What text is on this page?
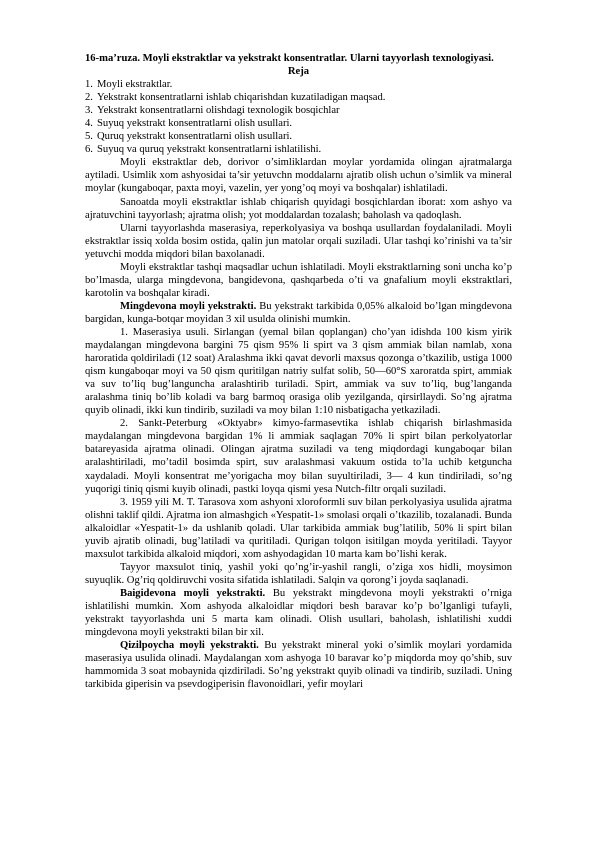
16-ma’ruza. Moyli ekstraktlar va yekstrakt konsentratlar. Ularni tayyorlash texnologiyasi.

Reja

1. Moyli ekstraktlar.
2. Yekstrakt konsentratlarni ishlab chiqarishdan kuzatiladigan maqsad.
3. Yekstrakt konsentratlarni olishdagi texnologik bosqichlar
4. Suyuq yekstrakt konsentratlarni olish usullari.
5. Quruq yekstrakt konsentratlarni olish usullari.
6. Suyuq va quruq yekstrakt konsentratlarni ishlatilishi.

Moyli ekstraktlar deb, dorivor o’simliklardan moylar yordamida olingan ajratmalarga aytiladi. Usimlik xom ashyosidai ta’sir yetuvchn moddalarnı ajratib olish uchun o’simlik va mineral moylar (kungaboqar, paxta moyi, vazelin, yer yong’oq moyi va boshqalar) ishlatiladi.

Sanoatda moyli ekstraktlar ishlab chiqarish quyidagi bosqichlardan iborat: xom ashyo va ajratuvchini tayyorlash; ajratma olish; yot moddalardan tozalash; baholash va qadoqlash.

Ularni tayyorlashda maserasiya, reperkolyasiya va boshqa usullardan foydalaniladi. Moyli ekstraktlar issiq xolda bosim ostida, qalin jun matolar orqali suziladi. Ular tashqi ko’rinishi va ta’sir yetuvchi modda miqdori bilan baxolanadi.

Moyli ekstraktlar tashqi maqsadlar uchun ishlatiladi. Moyli ekstraktlarning soni uncha ko’p bo’lmasda, ularga mingdevona, bangidevona, qashqarbeda o’ti va gnafalium moyli ekstraktlari, karotolin va boshqalar kiradi.

Mingdevona moyli yekstrakti. Bu yekstrakt tarkibida 0,05% alkaloid bo’lgan mingdevona bargidan, kunga-botqar moyidan 3 xil usulda olinishi mumkin.

1. Maserasiya usuli. Sirlangan (yemal bilan qoplangan) cho’yan idishda 100 kism yirik maydalangan mingdevona bargini 75 qism 95% li spirt va 3 qism ammiak bilan namlab, xona haroratida qoldiriladi (12 soat) Aralashma ikki qavat devorli maxsus qozonga o’tkazilib, ustiga 1000 qism kungaboqar moyi va 50 qism quritilgan natriy sulfat solib, 50—60°S xaroratda spirt, ammiak va suv to’liq bug’languncha aralashtirib turiladi. Spirt, ammiak va suv to’liq, bug’langanda aralashma tiniq bo’lib koladi va barg barmoq orasiga olib yezilganda, qirsirllaydi. So’ng ajratma quyib olinadi, ikki kun tindirib, suziladi va moy bilan 1:10 nisbatigacha yetkaziladi.

2. Sankt-Peterburg «Oktyabr» kimyo-farmasevtika ishlab chiqarish birlashmasida maydalangan mingdevona bargidan 1% li ammiak saqlagan 70% li spirt bilan perkolyatorlar batareyasida ajratma olinadi. Olingan ajratma suziladi va teng miqdordagi kungaboqar bilan aralashtiriladi, mo’tadil bosimda spirt, suv aralashmasi vakuum ostida to’la uchib ketguncha xaydaladi. Moyli konsentrat me’yorigacha moy bilan suyultiriladi, 3— 4 kun tindiriladi, so’ng yuqorigi tiniq qismi kuyib olinadi, pastki loyqa qismi yesa Nutch-filtr orqali suziladi.

3. 1959 yili M. T. Tarasova xom ashyoni xloroformli suv bilan perkolyasiya usulida ajratma olishni taklif qildi. Ajratma ion almashgich «Yespatit-1» smolasi orqali o’tkazilib, tozalanadi. Bunda alkaloidlar «Yespatit-1» da ushlanib qoladi. Ular tarkibida ammiak bug’latilib, 50% li spirt bilan yuvib ajratib olinadi, bug’latiladi va quritiladi. Qurigan tolqon isitilgan moyda yeritiladi. Tayyor maxsulot tarkibida alkaloid miqdori, xom ashyodagidan 10 marta kam bo’lishi kerak.

Tayyor maxsulot tiniq, yashil yoki qo’ng’ir-yashil rangli, o’ziga xos hidli, moysimon suyuqlik. Og’riq qoldiruvchi vosita sifatida ishlatiladi. Salqin va qorong’i joyda saqlanadi.

Baigidevona moyli yekstrakti. Bu yekstrakt mingdevona moyli yekstrakti o’rniga ishlatilishi mumkin. Xom ashyoda alkaloidlar miqdori besh baravar ko’p bo’lganligi tufayli, yekstrakt tayyorlashda uni 5 marta kam olinadi. Olish usullari, baholash, ishlatilishi xuddi mingdevona moyli yekstrakti bilan bir xil.

Qizilpoycha moyli yekstrakti. Bu yekstrakt mineral yoki o’simlik moylari yordamida maserasiya usulida olinadi. Maydalangan xom ashyoga 10 baravar ko’p miqdorda moy qo’shib, suv hammomida 3 soat mobaynida qizdiriladi. So’ng yekstrakt quyib olinadi va tindirib, suziladi. Uning tarkibida giperisin va psevdogiperisin flavonoidlari, yefir moylari
